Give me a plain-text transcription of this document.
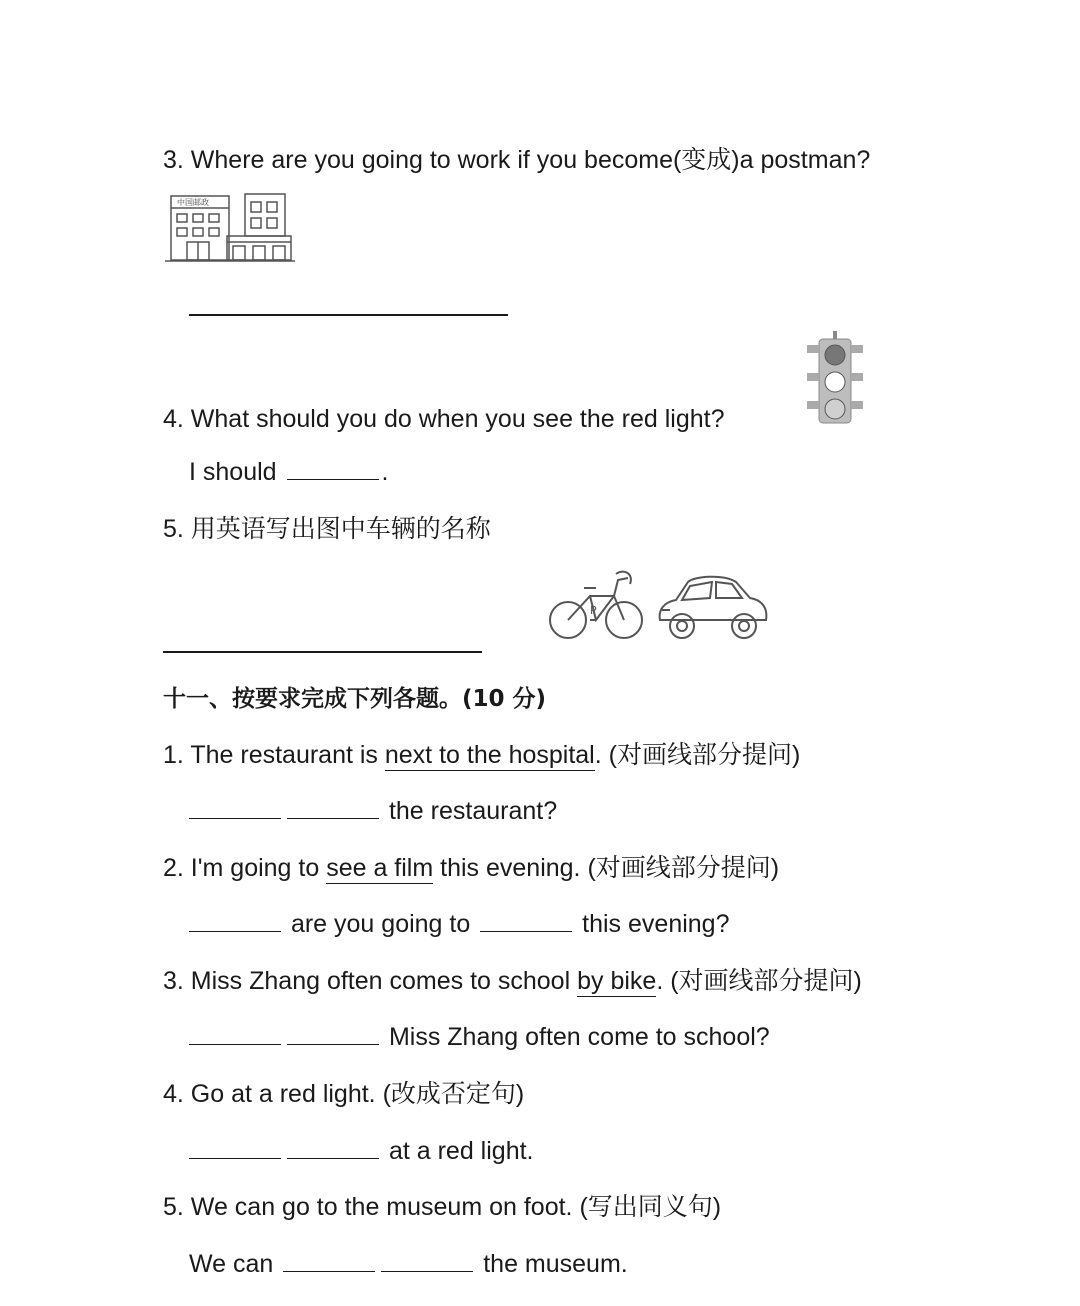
3. Where are you going to work if you become(变成)a postman?
中国邮政
4. What should you do when you see the red light?
I should	.
5. 用英语写出图中车辆的名称
P
十一、按要求完成下列各题。(10 分)
1. The restaurant is next to the hospital. (对画线部分提问)
the restaurant?
2. I'm going to see a film this evening. (对画线部分提问)
are you going to	this evening?
3. Miss Zhang often comes to school by bike. (对画线部分提问)
Miss Zhang often come to school?
4. Go at a red light. (改成否定句)
at a red light.
5. We can go to the museum on foot. (写出同义句)
We can	the museum.
